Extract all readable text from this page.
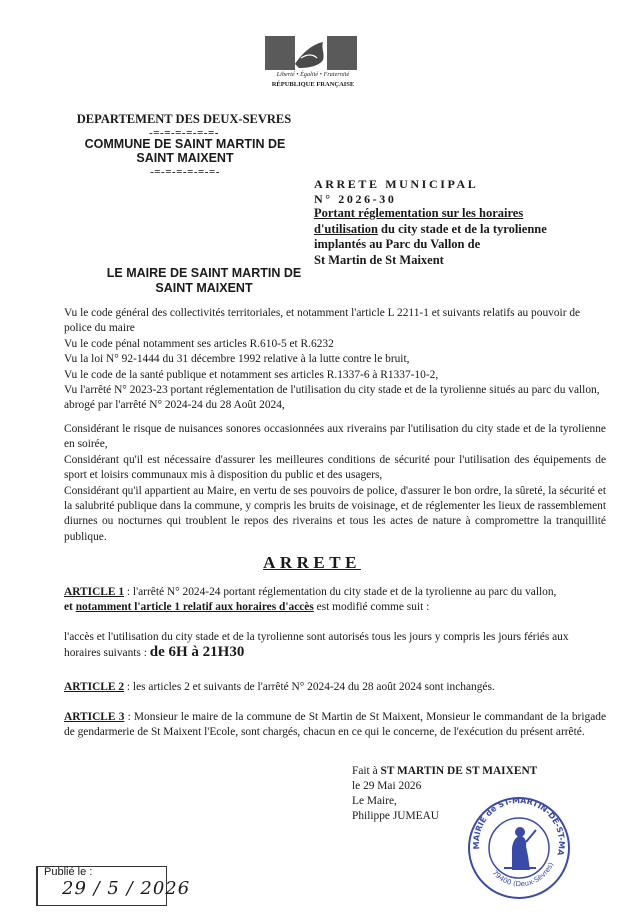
Liberté • Égalité • Fraternité
RÉPUBLIQUE FRANÇAISE
DEPARTEMENT DES DEUX-SEVRES
-=-=-=-=-=-=-
COMMUNE DE SAINT MARTIN DE
SAINT MAIXENT
-=-=-=-=-=-=-
ARRETE MUNICIPAL
N° 2026-30
Portant réglementation sur les horaires
d'utilisation du city stade et de la tyrolienne
implantés au Parc du Vallon de
St Martin de St Maixent
LE MAIRE DE SAINT MARTIN DE
SAINT MAIXENT

Vu le code général des collectivités territoriales, et notamment l'article L 2211-1 et suivants relatifs au pouvoir de police du maire

Vu le code pénal notamment ses articles R.610-5 et R.6232

Vu la loi N° 92-1444 du 31 décembre 1992 relative à la lutte contre le bruit,

Vu le code de la santé publique et notamment ses articles R.1337-6 à R1337-10-2,

Vu l'arrêté N° 2023-23 portant réglementation de l'utilisation du city stade et de la tyrolienne situés au parc du vallon, abrogé par l'arrêté N° 2024-24 du 28 Août 2024,

Considérant le risque de nuisances sonores occasionnées aux riverains par l'utilisation du city stade et de la tyrolienne en soirée,

Considérant qu'il est nécessaire d'assurer les meilleures conditions de sécurité pour l'utilisation des équipements de sport et loisirs communaux mis à disposition du public et des usagers,

Considérant qu'il appartient au Maire, en vertu de ses pouvoirs de police, d'assurer le bon ordre, la sûreté, la sécurité et la salubrité publique dans la commune, y compris les bruits de voisinage, et de réglementer les lieux de rassemblement diurnes ou nocturnes qui troublent le repos des riverains et tous les actes de nature à compromettre la tranquillité publique.

ARRETE

ARTICLE 1 : l'arrêté N° 2024-24 portant réglementation du city stade et de la tyrolienne au parc du vallon,

et notamment l'article 1 relatif aux horaires d'accès est modifié comme suit :

l'accès et l'utilisation du city stade et de la tyrolienne sont autorisés tous les jours y compris les jours fériés aux horaires suivants : de 6H à 21H30

ARTICLE 2 : les articles 2 et suivants de l'arrêté N° 2024-24 du 28 août 2024 sont inchangés.

ARTICLE 3 : Monsieur le maire de la commune de St Martin de St Maixent, Monsieur le commandant de la brigade de gendarmerie de St Maixent l'Ecole, sont chargés, chacun en ce qui le concerne, de l'exécution du présent arrêté.

Fait à ST MARTIN DE ST MAIXENT
le 29 Mai 2026
Le Maire,
Philippe JUMEAU
MAIRIE de ST-MARTIN-DE-ST-MA
79400 (Deux-Sèvres)
Publié le :
29 / 5 / 2026
